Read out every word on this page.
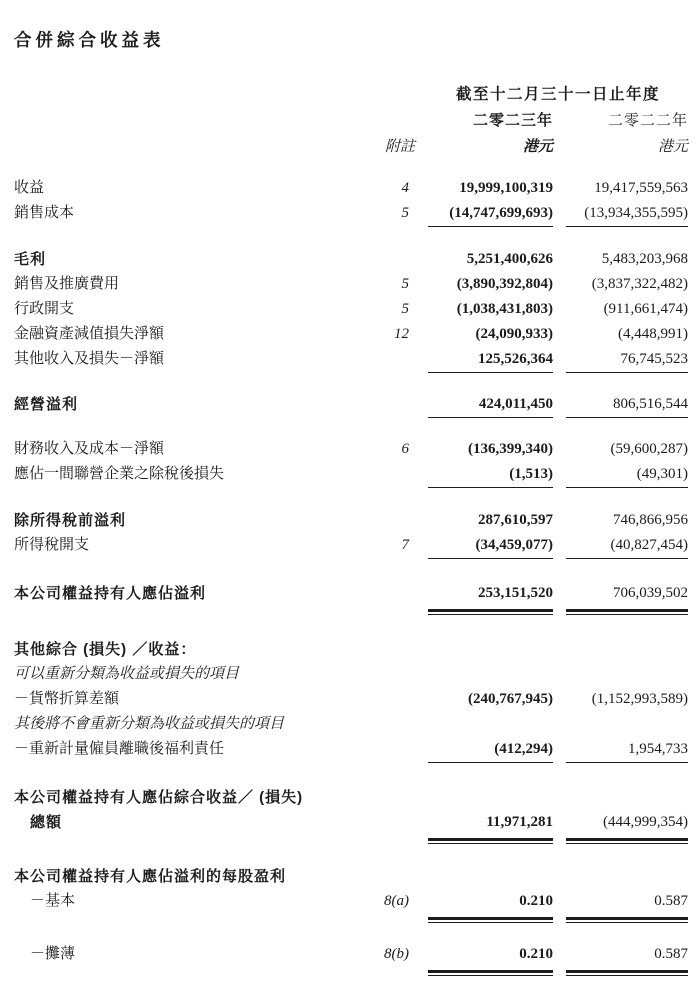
合併綜合收益表
截至十二月三十一日止年度
二零二三年	二零二二年
附註	港元	港元
收益	4	19,999,100,319	19,417,559,563
銷售成本	5	(14,747,699,693)	(13,934,355,595)
毛利	5,251,400,626	5,483,203,968
銷售及推廣費用	5	(3,890,392,804)	(3,837,322,482)
行政開支	5	(1,038,431,803)	(911,661,474)
金融資產減值損失淨額	12	(24,090,933)	(4,448,991)
其他收入及損失－淨額	125,526,364	76,745,523
經營溢利	424,011,450	806,516,544
財務收入及成本－淨額	6	(136,399,340)	(59,600,287)
應佔一間聯營企業之除稅後損失	(1,513)	(49,301)
除所得稅前溢利	287,610,597	746,866,956
所得稅開支	7	(34,459,077)	(40,827,454)
本公司權益持有人應佔溢利	253,151,520	706,039,502
其他綜合 (損失) ／收益：
可以重新分類為收益或損失的項目
－貨幣折算差額	(240,767,945)	(1,152,993,589)
其後將不會重新分類為收益或損失的項目
－重新計量僱員離職後福利責任	(412,294)	1,954,733
本公司權益持有人應佔綜合收益／ (損失)
總額	11,971,281	(444,999,354)
本公司權益持有人應佔溢利的每股盈利
－基本	8(a)	0.210	0.587
－攤薄	8(b)	0.210	0.587
